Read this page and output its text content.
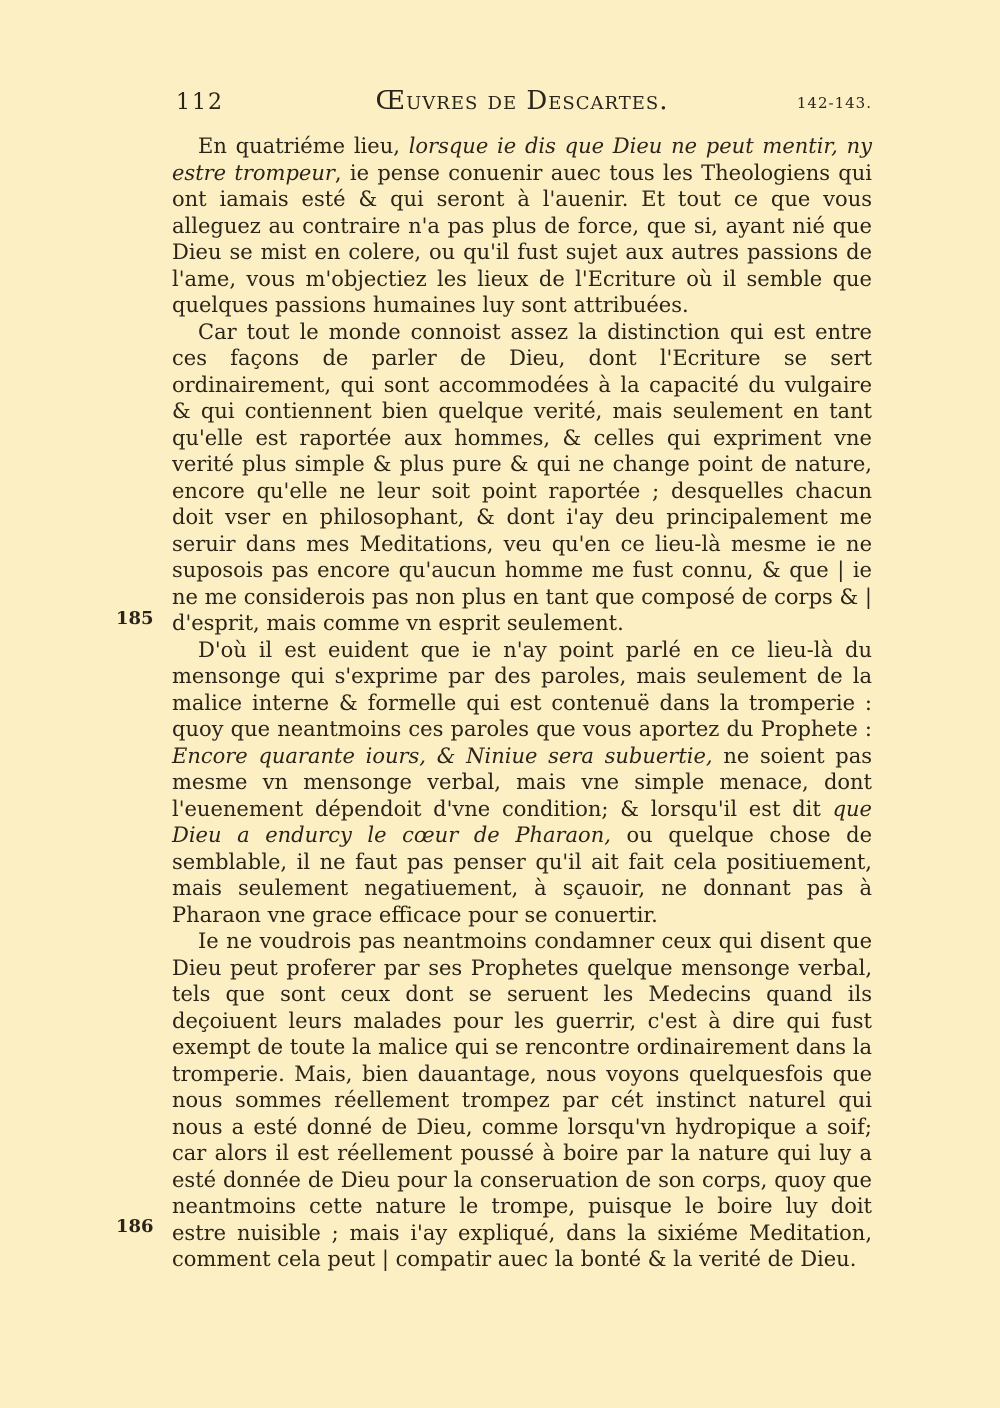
112	Œuvres de Descartes.	142-143.
185
186

En quatriéme lieu, lorsque ie dis que Dieu ne peut mentir, ny estre trompeur, ie pense conuenir auec tous les Theologiens qui ont iamais esté & qui seront à l'auenir. Et tout ce que vous alleguez au contraire n'a pas plus de force, que si, ayant nié que Dieu se mist en colere, ou qu'il fust sujet aux autres passions de l'ame, vous m'objectiez les lieux de l'Ecriture où il semble que quelques passions humaines luy sont attribuées.

Car tout le monde connoist assez la distinction qui est entre ces façons de parler de Dieu, dont l'Ecriture se sert ordinairement, qui sont accommodées à la capacité du vulgaire & qui contiennent bien quelque verité, mais seulement en tant qu'elle est raportée aux hommes, & celles qui expriment vne verité plus simple & plus pure & qui ne change point de nature, encore qu'elle ne leur soit point raportée ; desquelles chacun doit vser en philosophant, & dont i'ay deu principalement me seruir dans mes Meditations, veu qu'en ce lieu-là mesme ie ne suposois pas encore qu'aucun homme me fust connu, & que | ie ne me considerois pas non plus en tant que composé de corps & | d'esprit, mais comme vn esprit seulement.

D'où il est euident que ie n'ay point parlé en ce lieu-là du mensonge qui s'exprime par des paroles, mais seulement de la malice interne & formelle qui est contenuë dans la tromperie : quoy que neantmoins ces paroles que vous aportez du Prophete : Encore quarante iours, & Niniue sera subuertie, ne soient pas mesme vn mensonge verbal, mais vne simple menace, dont l'euenement dépendoit d'vne condition; & lorsqu'il est dit que Dieu a endurcy le cœur de Pharaon, ou quelque chose de semblable, il ne faut pas penser qu'il ait fait cela positiuement, mais seulement negatiuement, à sçauoir, ne donnant pas à Pharaon vne grace efficace pour se conuertir.

Ie ne voudrois pas neantmoins condamner ceux qui disent que Dieu peut proferer par ses Prophetes quelque mensonge verbal, tels que sont ceux dont se seruent les Medecins quand ils deçoiuent leurs malades pour les guerrir, c'est à dire qui fust exempt de toute la malice qui se rencontre ordinairement dans la tromperie. Mais, bien dauantage, nous voyons quelquesfois que nous sommes réellement trompez par cét instinct naturel qui nous a esté donné de Dieu, comme lorsqu'vn hydropique a soif; car alors il est réellement poussé à boire par la nature qui luy a esté donnée de Dieu pour la conseruation de son corps, quoy que neantmoins cette nature le trompe, puisque le boire luy doit estre nuisible ; mais i'ay expliqué, dans la sixiéme Meditation, comment cela peut | compatir auec la bonté & la verité de Dieu.
